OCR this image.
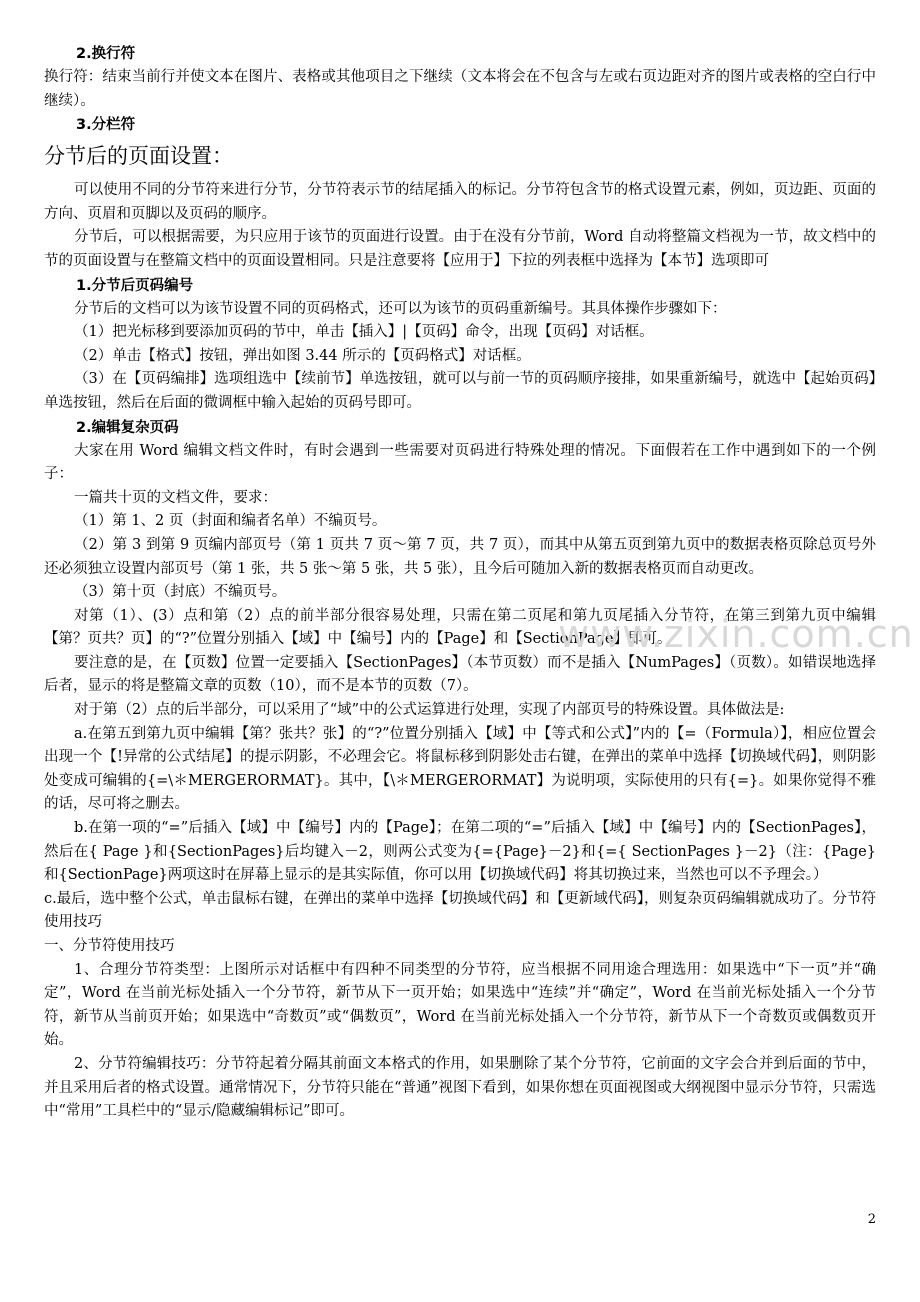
2.换行符

换行符：结束当前行并使文本在图片、表格或其他项目之下继续（文本将会在不包含与左或右页边距对齐的图片或表格的空白行中继续）。

3.分栏符

分节后的页面设置：

可以使用不同的分节符来进行分节，分节符表示节的结尾插入的标记。分节符包含节的格式设置元素，例如，页边距、页面的方向、页眉和页脚以及页码的顺序。

分节后，可以根据需要，为只应用于该节的页面进行设置。由于在没有分节前，Word 自动将整篇文档视为一节，故文档中的节的页面设置与在整篇文档中的页面设置相同。只是注意要将【应用于】下拉的列表框中选择为【本节】选项即可

1.分节后页码编号

分节后的文档可以为该节设置不同的页码格式，还可以为该节的页码重新编号。其具体操作步骤如下：

（1）把光标移到要添加页码的节中，单击【插入】|【页码】命令，出现【页码】对话框。

（2）单击【格式】按钮，弹出如图 3.44 所示的【页码格式】对话框。

（3）在【页码编排】选项组选中【续前节】单选按钮，就可以与前一节的页码顺序接排，如果重新编号，就选中【起始页码】单选按钮，然后在后面的微调框中输入起始的页码号即可。

2.编辑复杂页码

大家在用 Word 编辑文档文件时，有时会遇到一些需要对页码进行特殊处理的情况。下面假若在工作中遇到如下的一个例子：

一篇共十页的文档文件，要求：

（1）第 1、2 页（封面和编者名单）不编页号。

（2）第 3 到第 9 页编内部页号（第 1 页共 7 页～第 7 页，共 7 页），而其中从第五页到第九页中的数据表格页除总页号外还必须独立设置内部页号（第 1 张，共 5 张～第 5 张，共 5 张），且今后可随加入新的数据表格页而自动更改。

（3）第十页（封底）不编页号。

对第（1）、(3）点和第（2）点的前半部分很容易处理，只需在第二页尾和第九页尾插入分节符，在第三到第九页中编辑【第？页共？页】的“?”位置分别插入【域】中【编号】内的【Page】和【SectionPage】即可。

要注意的是，在【页数】位置一定要插入【SectionPages】（本节页数）而不是插入【NumPages】（页数）。如错误地选择后者，显示的将是整篇文章的页数（10），而不是本节的页数（7）。

对于第（2）点的后半部分，可以采用了“域”中的公式运算进行处理，实现了内部页号的特殊设置。具体做法是:

a.在第五到第九页中编辑【第？张共？张】的“?”位置分别插入【域】中【等式和公式】”内的【=（Formula）】，相应位置会出现一个【!异常的公式结尾】的提示阴影，不必理会它。将鼠标移到阴影处击右键，在弹出的菜单中选择【切换域代码】，则阴影处变成可编辑的{=\＊MERGERORMAT}。其中，【\＊MERGERORMAT】为说明项，实际使用的只有{=}。如果你觉得不雅的话，尽可将之删去。

b.在第一项的“=”后插入【域】中【编号】内的【Page】；在第二项的“=”后插入【域】中【编号】内的【SectionPages】，然后在{ Page }和{SectionPages}后均键入－2，则两公式变为{={Page}－2}和{={ SectionPages }－2}（注：{Page}和{SectionPage}两项这时在屏幕上显示的是其实际值，你可以用【切换域代码】将其切换过来，当然也可以不予理会。）

c.最后，选中整个公式，单击鼠标右键，在弹出的菜单中选择【切换域代码】和【更新域代码】，则复杂页码编辑就成功了。分节符使用技巧

一、分节符使用技巧

1、合理分节符类型：上图所示对话框中有四种不同类型的分节符，应当根据不同用途合理选用：如果选中“下一页”并“确定”，Word 在当前光标处插入一个分节符，新节从下一页开始；如果选中“连续”并“确定”，Word 在当前光标处插入一个分节符，新节从当前页开始；如果选中“奇数页”或“偶数页”，Word 在当前光标处插入一个分节符，新节从下一个奇数页或偶数页开始。

2、分节符编辑技巧：分节符起着分隔其前面文本格式的作用，如果删除了某个分节符，它前面的文字会合并到后面的节中，并且采用后者的格式设置。通常情况下，分节符只能在“普通”视图下看到，如果你想在页面视图或大纲视图中显示分节符，只需选中“常用”工具栏中的“显示/隐藏编辑标记”即可。

www.zixin.com.cn
2
